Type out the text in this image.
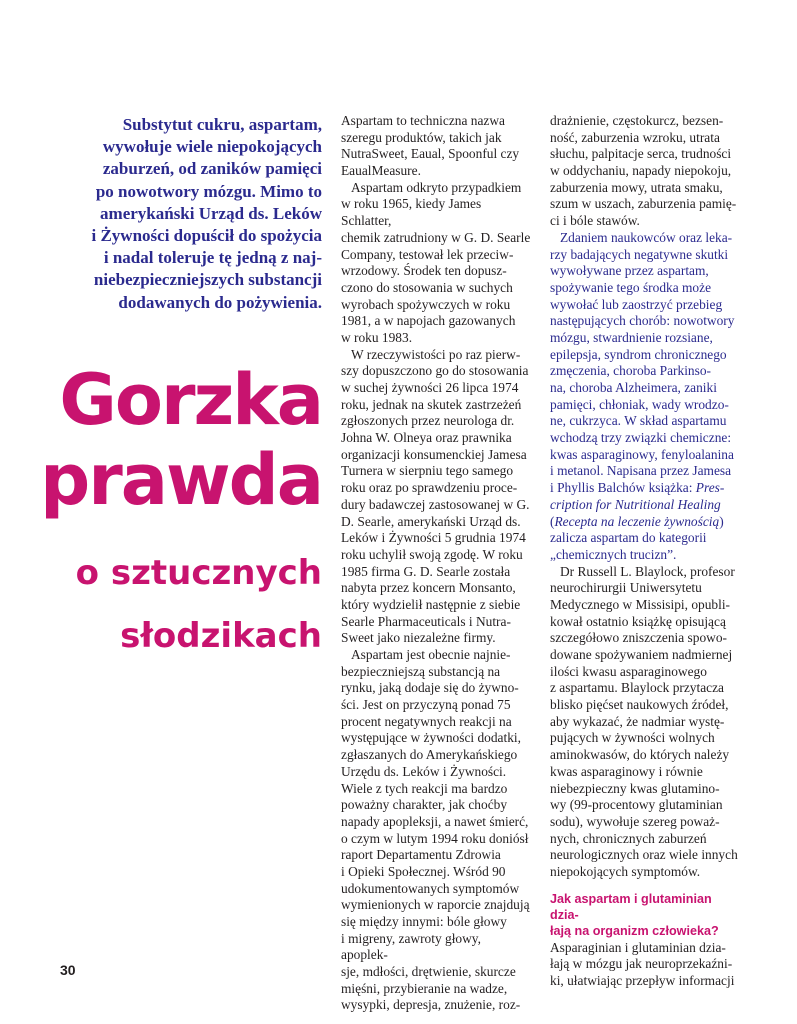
Substytut cukru, aspartam,

wywołuje wiele niepokojących

zaburzeń, od zaników pamięci

po nowotwory mózgu. Mimo to

amerykański Urząd ds. Leków

i Żywności dopuścił do spożycia

i nadal toleruje tę jedną z naj-

niebezpieczniejszych substancji

dodawanych do pożywienia.

Gorzka
prawda
o sztucznych
słodzikach

Aspartam to techniczna nazwa

szeregu produktów, takich jak

NutraSweet, Eaual, Spoonful czy

EaualMeasure.

Aspartam odkryto przypadkiem

w roku 1965, kiedy James Schlatter,

chemik zatrudniony w G. D. Searle

Company, testował lek przeciw-

wrzodowy. Środek ten dopusz-

czono do stosowania w suchych

wyrobach spożywczych w roku

1981, a w napojach gazowanych

w roku 1983.

W rzeczywistości po raz pierw-

szy dopuszczono go do stosowania

w suchej żywności 26 lipca 1974

roku, jednak na skutek zastrzeżeń

zgłoszonych przez neurologa dr.

Johna W. Olneya oraz prawnika

organizacji konsumenckiej Jamesa

Turnera w sierpniu tego samego

roku oraz po sprawdzeniu proce-

dury badawczej zastosowanej w G.

D. Searle, amerykański Urząd ds.

Leków i Żywności 5 grudnia 1974

roku uchylił swoją zgodę. W roku

1985 firma G. D. Searle została

nabyta przez koncern Monsanto,

który wydzielił następnie z siebie

Searle Pharmaceuticals i Nutra-

Sweet jako niezależne firmy.

Aspartam jest obecnie najnie-

bezpieczniejszą substancją na

rynku, jaką dodaje się do żywno-

ści. Jest on przyczyną ponad 75

procent negatywnych reakcji na

występujące w żywności dodatki,

zgłaszanych do Amerykańskiego

Urzędu ds. Leków i Żywności.

Wiele z tych reakcji ma bardzo

poważny charakter, jak choćby

napady apopleksji, a nawet śmierć,

o czym w lutym 1994 roku doniósł

raport Departamentu Zdrowia

i Opieki Społecznej. Wśród 90

udokumentowanych symptomów

wymienionych w raporcie znajdują

się między innymi: bóle głowy

i migreny, zawroty głowy, apoplek-

sje, mdłości, drętwienie, skurcze

mięśni, przybieranie na wadze,

wysypki, depresja, znużenie, roz-

drażnienie, częstokurcz, bezsen-

ność, zaburzenia wzroku, utrata

słuchu, palpitacje serca, trudności

w oddychaniu, napady niepokoju,

zaburzenia mowy, utrata smaku,

szum w uszach, zaburzenia pamię-

ci i bóle stawów.

Zdaniem naukowców oraz leka-

rzy badających negatywne skutki

wywoływane przez aspartam,

spożywanie tego środka może

wywołać lub zaostrzyć przebieg

następujących chorób: nowotwory

mózgu, stwardnienie rozsiane,

epilepsja, syndrom chronicznego

zmęczenia, choroba Parkinso-

na, choroba Alzheimera, zaniki

pamięci, chłoniak, wady wrodzo-

ne, cukrzyca. W skład aspartamu

wchodzą trzy związki chemiczne:

kwas asparaginowy, fenyloalanina

i metanol. Napisana przez Jamesa

i Phyllis Balchów książka: Pres-

cription for Nutritional Healing

(Recepta na leczenie żywnością)

zalicza aspartam do kategorii

„chemicznych trucizn”.

Dr Russell L. Blaylock, profesor

neurochirurgii Uniwersytetu

Medycznego w Missisipi, opubli-

kował ostatnio książkę opisującą

szczegółowo zniszczenia spowo-

dowane spożywaniem nadmiernej

ilości kwasu asparaginowego

z aspartamu. Blaylock przytacza

blisko pięćset naukowych źródeł,

aby wykazać, że nadmiar wystę-

pujących w żywności wolnych

aminokwasów, do których należy

kwas asparaginowy i równie

niebezpieczny kwas glutamino-

wy (99-procentowy glutaminian

sodu), wywołuje szereg poważ-

nych, chronicznych zaburzeń

neurologicznych oraz wiele innych

niepokojących symptomów.

Jak aspartam i glutaminian dzia-

łają na organizm człowieka?

Asparaginian i glutaminian dzia-

łają w mózgu jak neuroprzekaźni-

ki, ułatwiając przepływ informacji

30
